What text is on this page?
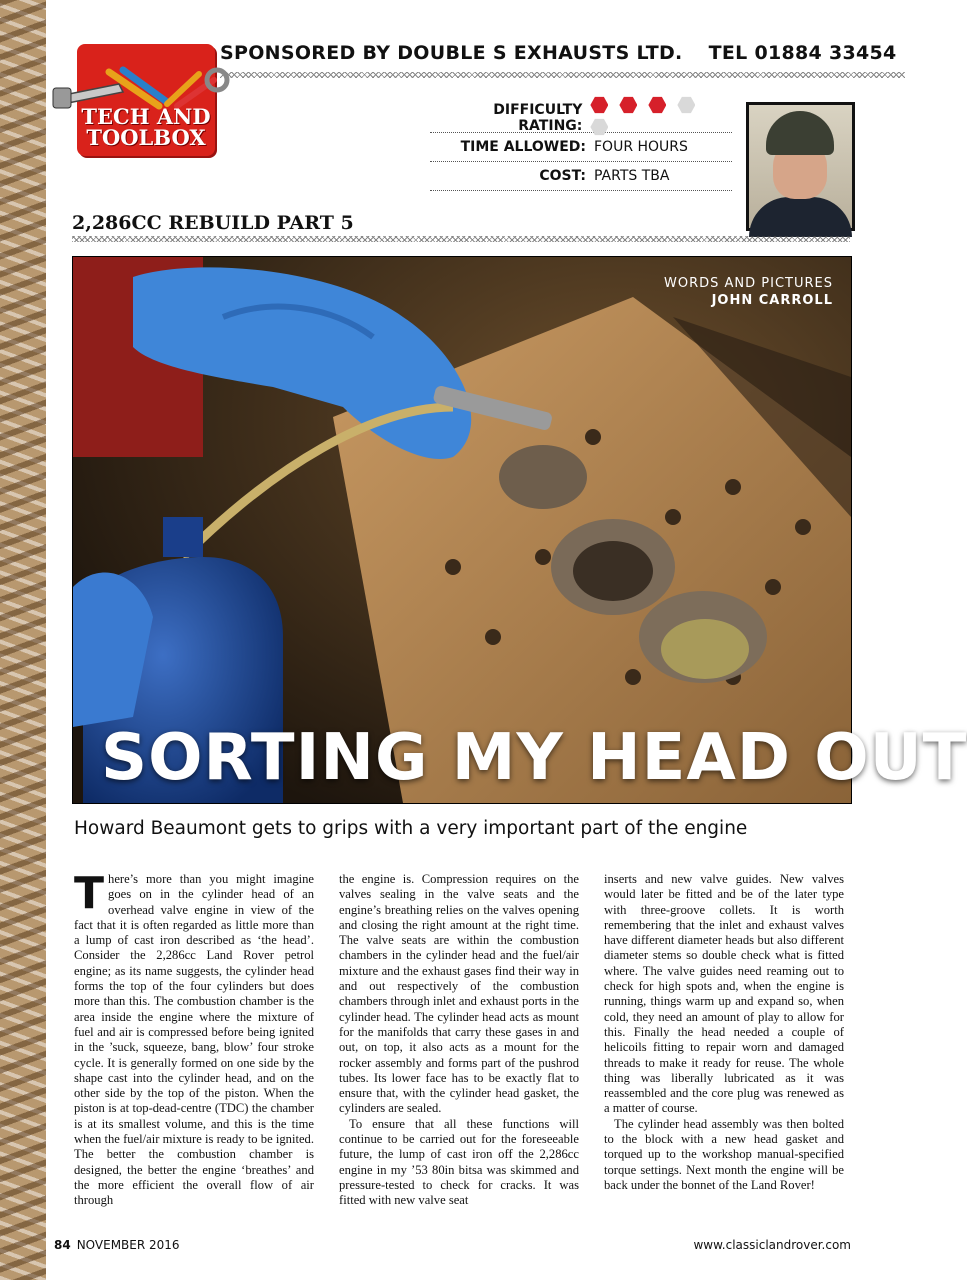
SPONSORED BY DOUBLE S EXHAUSTS LTD. TEL 01884 33454
TECH AND
TOOLBOX
DIFFICULTY RATING:
TIME ALLOWED: FOUR HOURS
COST: PARTS TBA
2,286CC REBUILD PART 5
WORDS AND PICTURES
JOHN CARROLL
SORTING MY HEAD OUT
Howard Beaumont gets to grips with a very important part of the engine

There’s more than you might imagine goes on in the cylinder head of an overhead valve engine in view of the fact that it is often regarded as little more than a lump of cast iron described as ‘the head’. Consider the 2,286cc Land Rover petrol engine; as its name suggests, the cylinder head forms the top of the four cylinders but does more than this. The combustion chamber is the area inside the engine where the mixture of fuel and air is compressed before being ignited in the ’suck, squeeze, bang, blow’ four stroke cycle. It is generally formed on one side by the shape cast into the cylinder head, and on the other side by the top of the piston. When the piston is at top-dead-centre (TDC) the chamber is at its smallest volume, and this is the time when the fuel/air mixture is ready to be ignited. The better the combustion chamber is designed, the better the engine ‘breathes’ and the more efficient the overall flow of air through

the engine is. Compression requires on the valves sealing in the valve seats and the engine’s breathing relies on the valves opening and closing the right amount at the right time. The valve seats are within the combustion chambers in the cylinder head and the fuel/air mixture and the exhaust gases find their way in and out respectively of the combustion chambers through inlet and exhaust ports in the cylinder head. The cylinder head acts as mount for the manifolds that carry these gases in and out, on top, it also acts as a mount for the rocker assembly and forms part of the pushrod tubes. Its lower face has to be exactly flat to ensure that, with the cylinder head gasket, the cylinders are sealed.

To ensure that all these functions will continue to be carried out for the foreseeable future, the lump of cast iron off the 2,286cc engine in my ’53 80in bitsa was skimmed and pressure-tested to check for cracks. It was fitted with new valve seat

inserts and new valve guides. New valves would later be fitted and be of the later type with three-groove collets. It is worth remembering that the inlet and exhaust valves have different diameter heads but also different diameter stems so double check what is fitted where. The valve guides need reaming out to check for high spots and, when the engine is running, things warm up and expand so, when cold, they need an amount of play to allow for this. Finally the head needed a couple of helicoils fitting to repair worn and damaged threads to make it ready for reuse. The whole thing was liberally lubricated as it was reassembled and the core plug was renewed as a matter of course.

The cylinder head assembly was then bolted to the block with a new head gasket and torqued up to the workshop manual-specified torque settings. Next month the engine will be back under the bonnet of the Land Rover!

84 NOVEMBER 2016	www.classiclandrover.com
